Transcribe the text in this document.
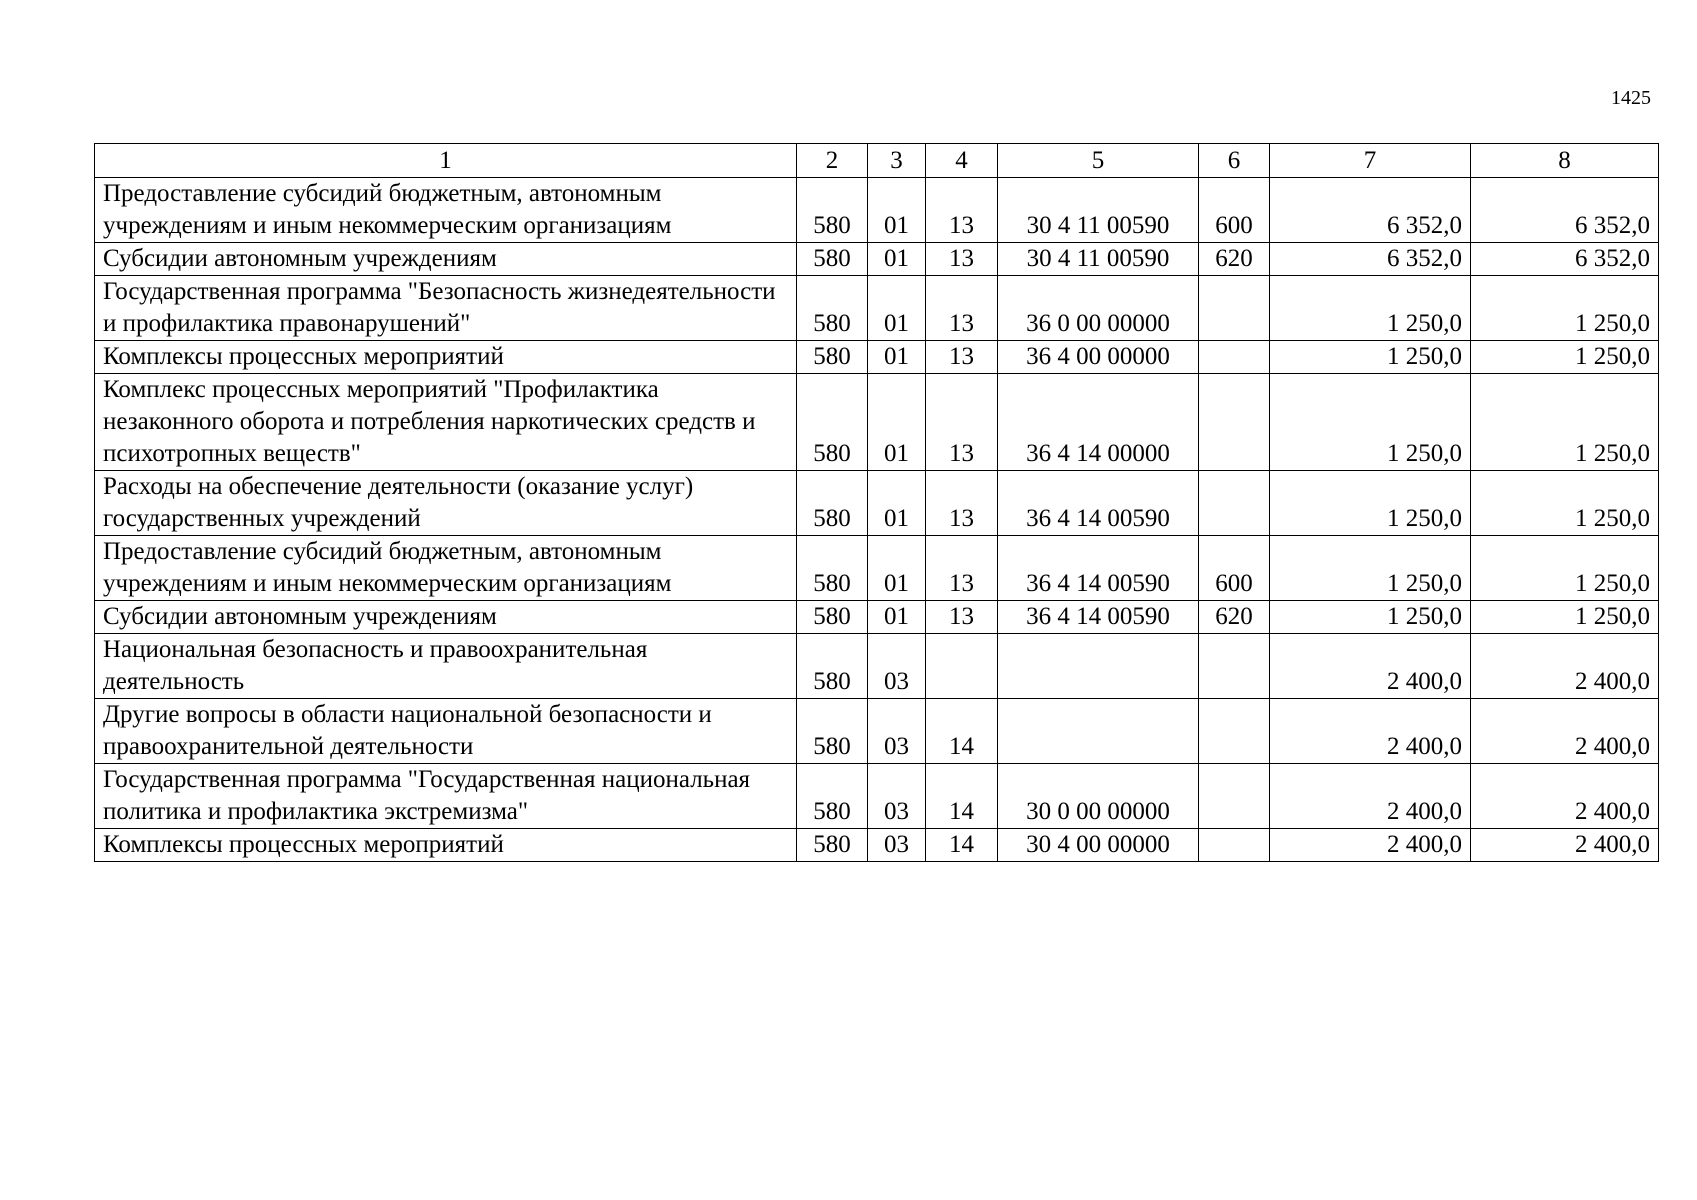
1425
1	2	3	4	5	6	7	8
Предоставление субсидий бюджетным, автономным учреждениям и иным некоммерческим организациям	580	01	13	30 4 11 00590	600	6 352,0	6 352,0
Субсидии автономным учреждениям	580	01	13	30 4 11 00590	620	6 352,0	6 352,0
Государственная программа "Безопасность жизнедеятельности и профилактика правонарушений"	580	01	13	36 0 00 00000		1 250,0	1 250,0
Комплексы процессных мероприятий	580	01	13	36 4 00 00000		1 250,0	1 250,0
Комплекс процессных мероприятий "Профилактика незаконного оборота и потребления наркотических средств и психотропных веществ"	580	01	13	36 4 14 00000		1 250,0	1 250,0
Расходы на обеспечение деятельности (оказание услуг) государственных учреждений	580	01	13	36 4 14 00590		1 250,0	1 250,0
Предоставление субсидий бюджетным, автономным учреждениям и иным некоммерческим организациям	580	01	13	36 4 14 00590	600	1 250,0	1 250,0
Субсидии автономным учреждениям	580	01	13	36 4 14 00590	620	1 250,0	1 250,0
Национальная безопасность и правоохранительная деятельность	580	03				2 400,0	2 400,0
Другие вопросы в области национальной безопасности и правоохранительной деятельности	580	03	14			2 400,0	2 400,0
Государственная программа "Государственная национальная политика и профилактика экстремизма"	580	03	14	30 0 00 00000		2 400,0	2 400,0
Комплексы процессных мероприятий	580	03	14	30 4 00 00000		2 400,0	2 400,0
